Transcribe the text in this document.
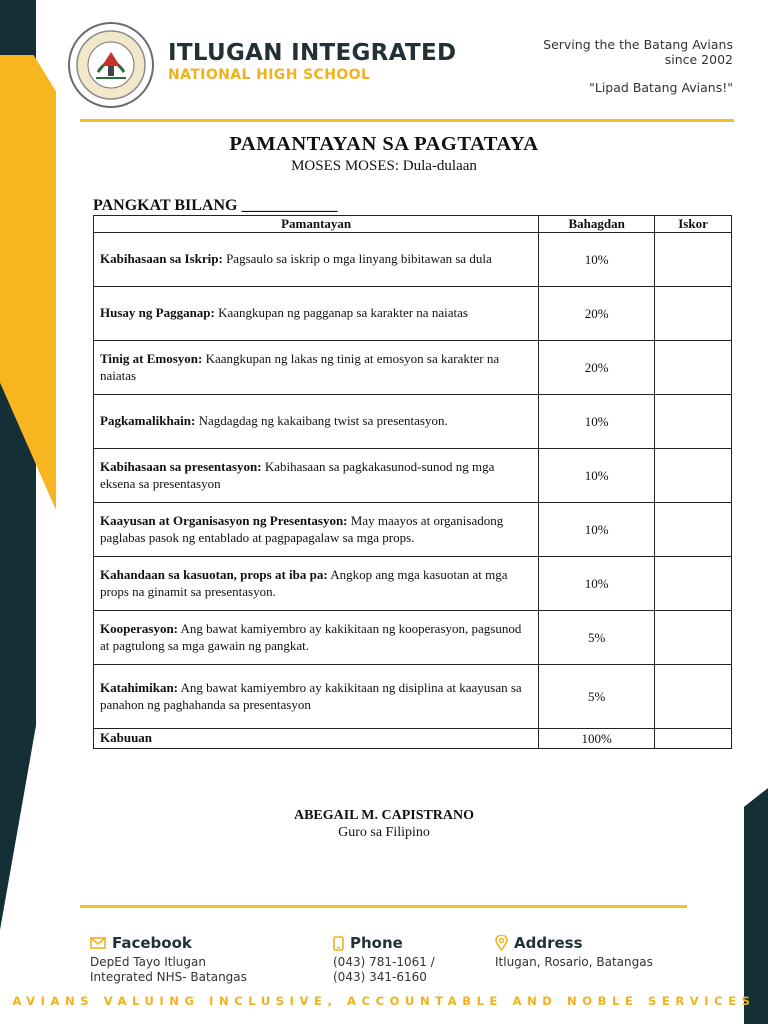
ITLUGAN INTEGRATED
NATIONAL HIGH SCHOOL
Serving the the Batang Avians since 2002
"Lipad Batang Avians!"
PAMANTAYAN SA PAGTATAYA
MOSES MOSES: Dula-dulaan
PANGKAT BILANG ____________
Pamantayan	Bahagdan	Iskor
Kabihasaan sa Iskrip: Pagsaulo sa iskrip o mga linyang bibitawan sa dula	10%	
Husay ng Pagganap: Kaangkupan ng pagganap sa karakter na naiatas	20%	
Tinig at Emosyon: Kaangkupan ng lakas ng tinig at emosyon sa karakter na naiatas	20%	
Pagkamalikhain: Nagdagdag ng kakaibang twist sa presentasyon.	10%	
Kabihasaan sa presentasyon: Kabihasaan sa pagkakasunod-sunod ng mga eksena sa presentasyon	10%	
Kaayusan at Organisasyon ng Presentasyon: May maayos at organisadong paglabas pasok ng entablado at pagpapagalaw sa mga props.	10%	
Kahandaan sa kasuotan, props at iba pa: Angkop ang mga kasuotan at mga props na ginamit sa presentasyon.	10%	
Kooperasyon: Ang bawat kamiyembro ay kakikitaan ng kooperasyon, pagsunod at pagtulong sa mga gawain ng pangkat.	5%	
Katahimikan: Ang bawat kamiyembro ay kakikitaan ng disiplina at kaayusan sa panahon ng paghahanda sa presentasyon	5%	
Kabuuan	100%	
ABEGAIL M. CAPISTRANO
Guro sa Filipino
Facebook
DepEd Tayo Itlugan
Integrated NHS- Batangas
Phone
(043) 781-1061 /
(043) 341-6160
Address
Itlugan, Rosario, Batangas
AVIANS VALUING INCLUSIVE, ACCOUNTABLE AND NOBLE SERVICES
